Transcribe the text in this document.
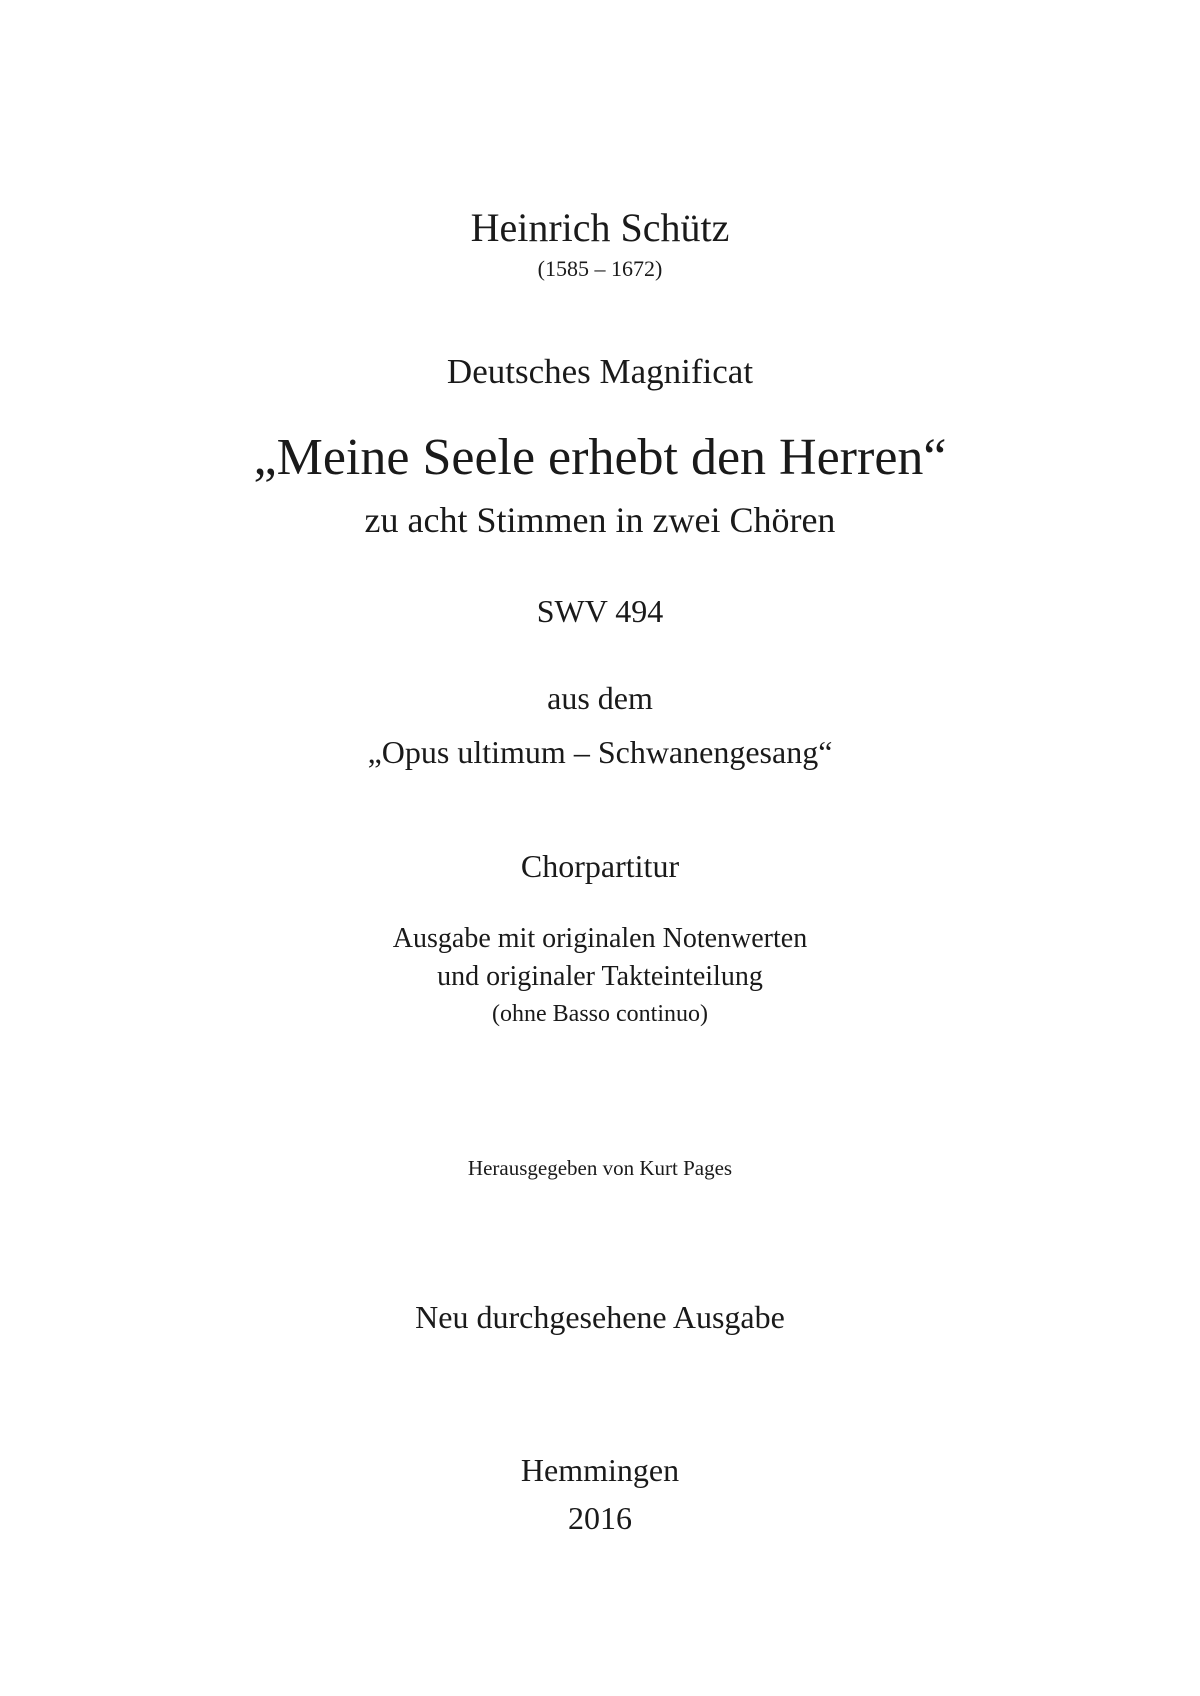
Heinrich Schütz
(1585 – 1672)
Deutsches Magnificat
„Meine Seele erhebt den Herren“
zu acht Stimmen in zwei Chören
SWV 494
aus dem
„Opus ultimum – Schwanengesang“
Chorpartitur
Ausgabe mit originalen Notenwerten
und originaler Takteinteilung
(ohne Basso continuo)
Herausgegeben von Kurt Pages
Neu durchgesehene Ausgabe
Hemmingen
2016
